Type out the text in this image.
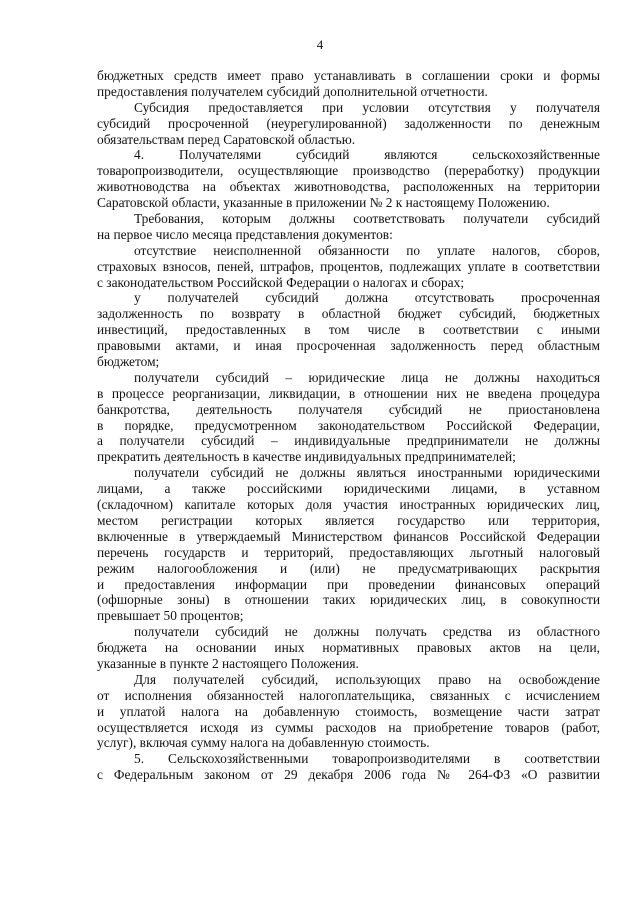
4
бюджетных средств имеет право устанавливать в соглашении сроки и формы
предоставления получателем субсидий дополнительной отчетности.
Субсидия предоставляется при условии отсутствия у получателя
субсидий просроченной (неурегулированной) задолженности по денежным
обязательствам перед Саратовской областью.
4. Получателями субсидий являются сельскохозяйственные
товаропроизводители, осуществляющие производство (переработку) продукции
животноводства на объектах животноводства, расположенных на территории
Саратовской области, указанные в приложении № 2 к настоящему Положению.
Требования, которым должны соответствовать получатели субсидий
на первое число месяца представления документов:
отсутствие неисполненной обязанности по уплате налогов, сборов,
страховых взносов, пеней, штрафов, процентов, подлежащих уплате в соответствии
с законодательством Российской Федерации о налогах и сборах;
у получателей субсидий должна отсутствовать просроченная
задолженность по возврату в областной бюджет субсидий, бюджетных
инвестиций, предоставленных в том числе в соответствии с иными
правовыми актами, и иная просроченная задолженность перед областным
бюджетом;
получатели субсидий – юридические лица не должны находиться
в процессе реорганизации, ликвидации, в отношении них не введена процедура
банкротства, деятельность получателя субсидий не приостановлена
в порядке, предусмотренном законодательством Российской Федерации,
а получатели субсидий – индивидуальные предприниматели не должны
прекратить деятельность в качестве индивидуальных предпринимателей;
получатели субсидий не должны являться иностранными юридическими
лицами, а также российскими юридическими лицами, в уставном
(складочном) капитале которых доля участия иностранных юридических лиц,
местом регистрации которых является государство или территория,
включенные в утверждаемый Министерством финансов Российской Федерации
перечень государств и территорий, предоставляющих льготный налоговый
режим налогообложения и (или) не предусматривающих раскрытия
и предоставления информации при проведении финансовых операций
(офшорные зоны) в отношении таких юридических лиц, в совокупности
превышает 50 процентов;
получатели субсидий не должны получать средства из областного
бюджета на основании иных нормативных правовых актов на цели,
указанные в пункте 2 настоящего Положения.
Для получателей субсидий, использующих право на освобождение
от исполнения обязанностей налогоплательщика, связанных с исчислением
и уплатой налога на добавленную стоимость, возмещение части затрат
осуществляется исходя из суммы расходов на приобретение товаров (работ,
услуг), включая сумму налога на добавленную стоимость.
5. Сельскохозяйственными товаропроизводителями в соответствии
с Федеральным законом от 29 декабря 2006 года № 264-ФЗ «О развитии
